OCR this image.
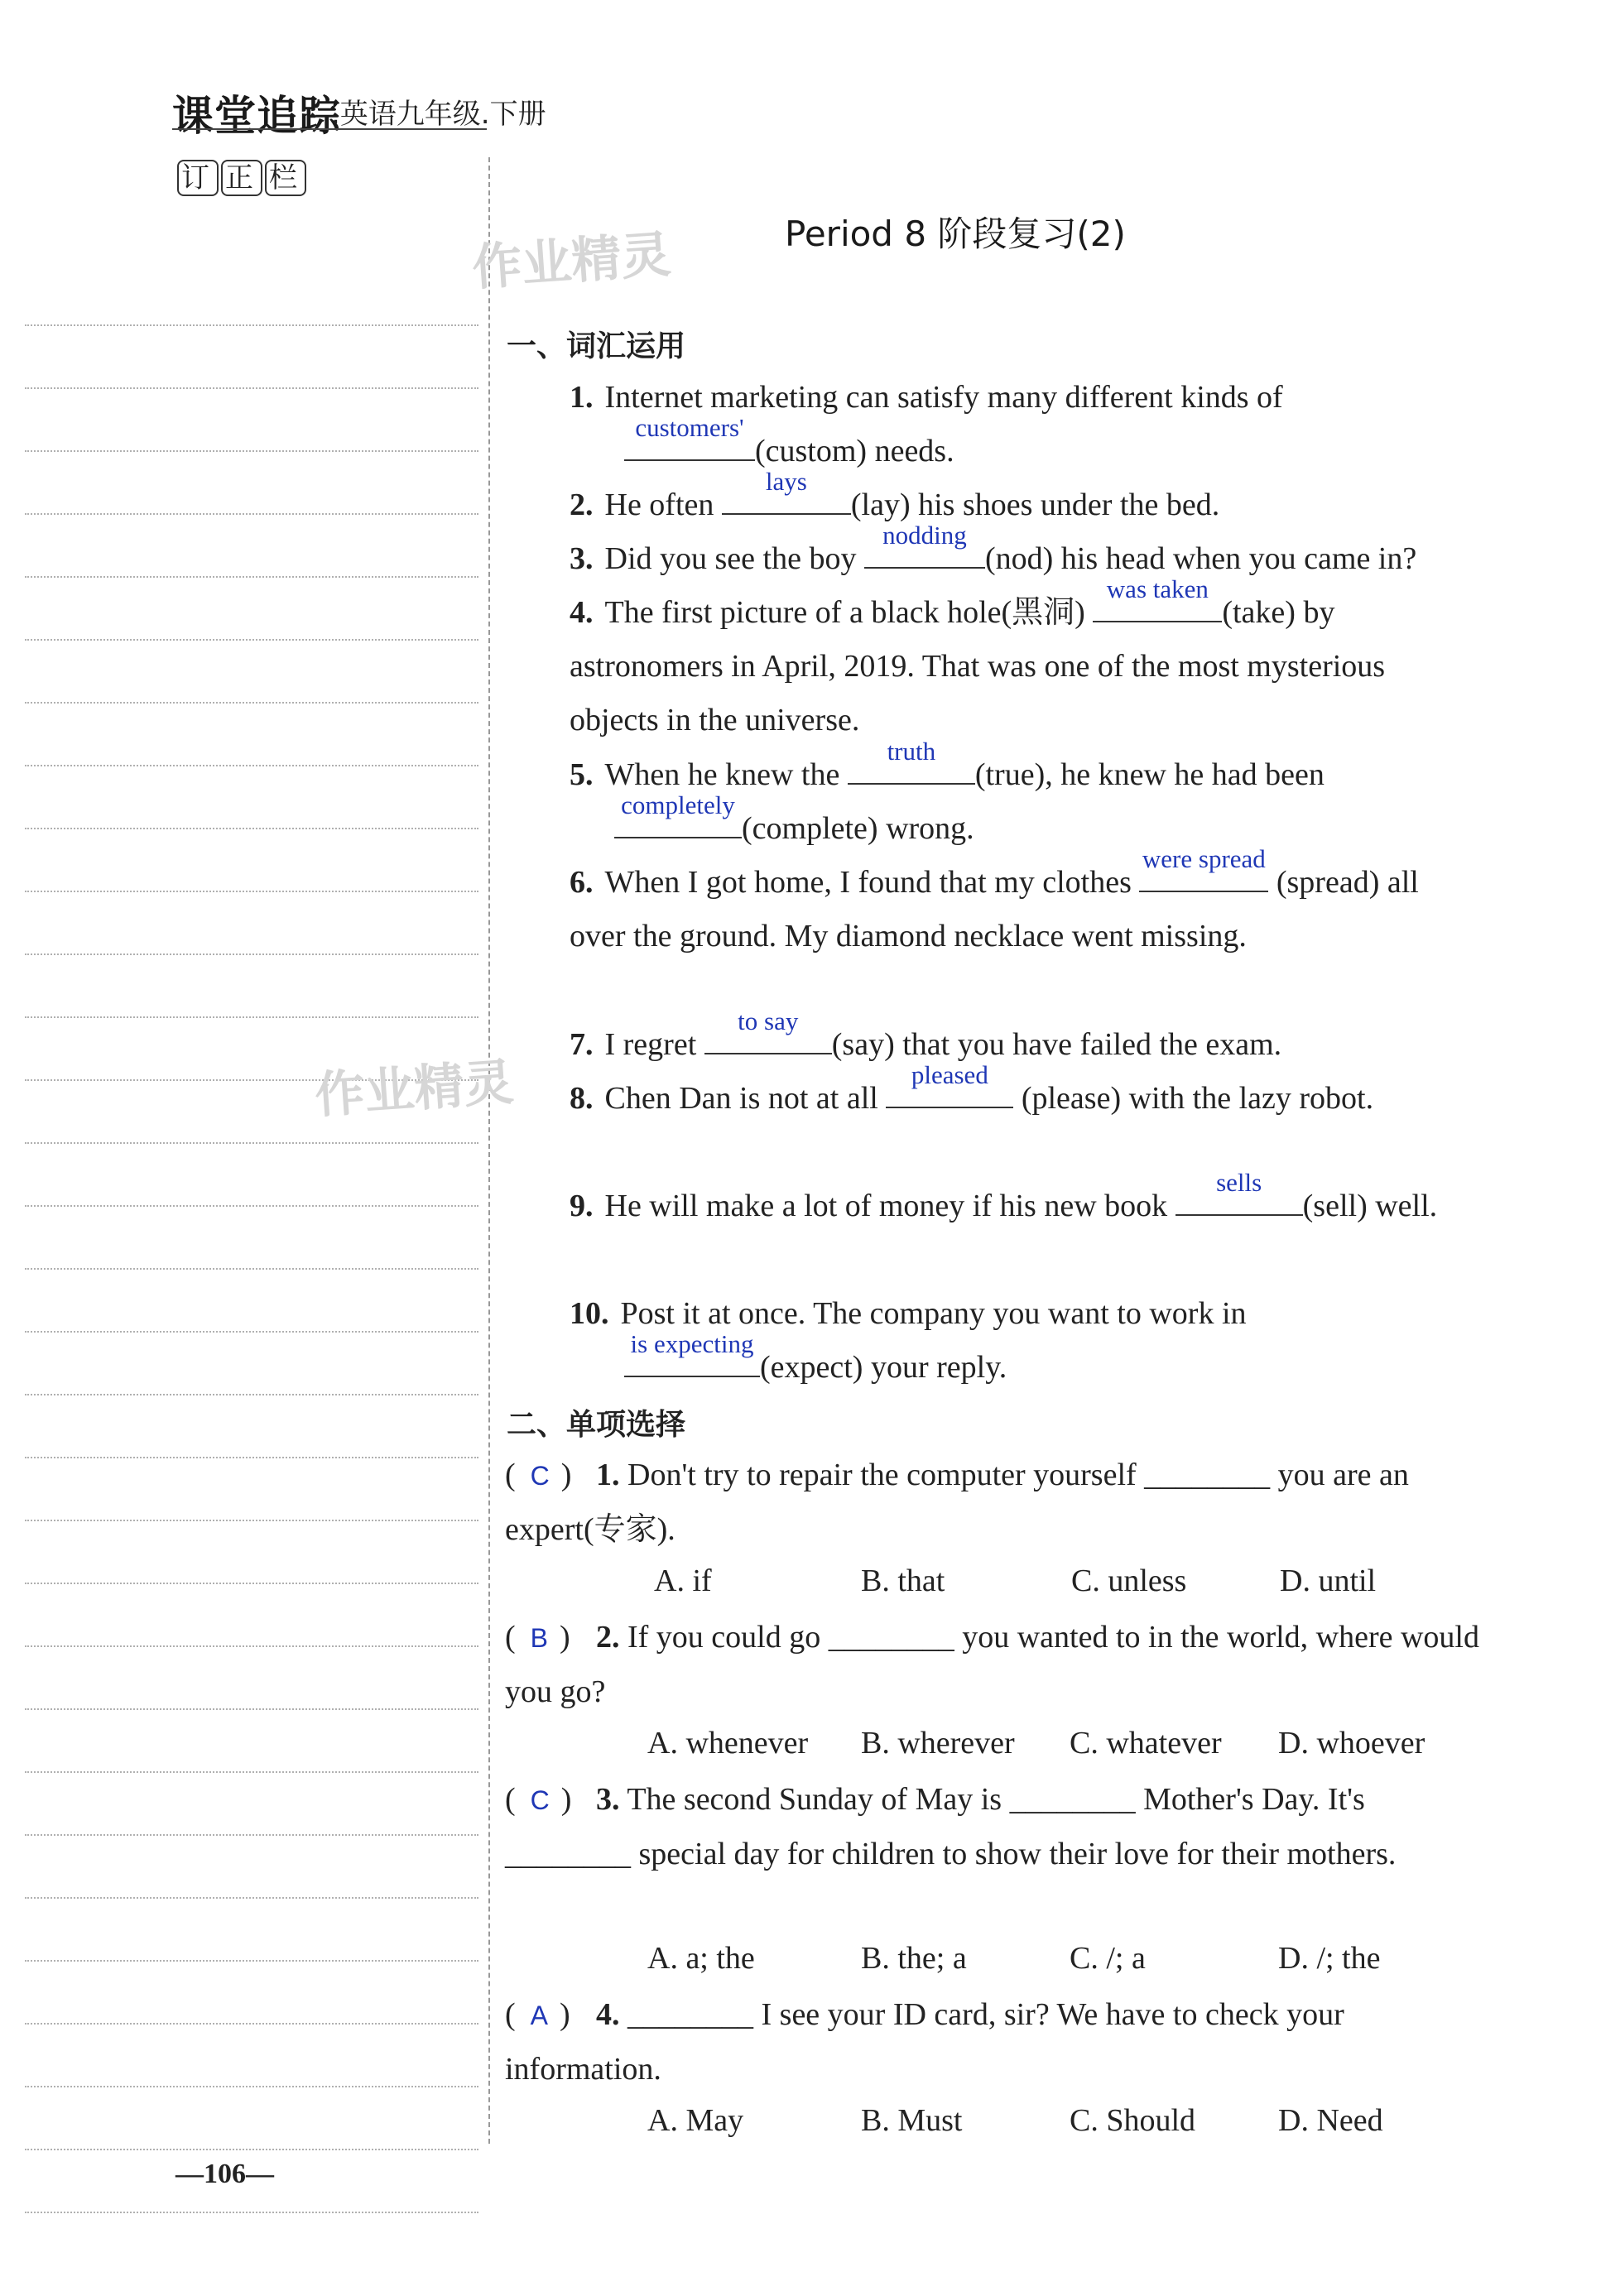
课堂追踪
.英语九年级.下册
订 正 栏
作业精灵
作业精灵
Period 8 阶段复习(2)
一、词汇运用
1. Internet marketing can satisfy many different kinds of

customers'
(custom) needs.
2. He often
lays
(lay) his shoes under the bed.
3. Did you see the boy
nodding
(nod) his head when you came in?
4. The first picture of a black hole(黑洞)
was taken
(take) by astronomers in April, 2019. That was one of the most mysterious objects in the universe.
5. When he knew the
truth
(true), he knew he had been

completely
(complete) wrong.
6. When I got home, I found that my clothes
were spread
(spread) all over the ground. My diamond necklace went missing.
7. I regret
to say
(say) that you have failed the exam.
8. Chen Dan is not at all
pleased
(please) with the lazy robot.
9. He will make a lot of money if his new book
sells
(sell) well.
10. Post it at once. The company you want to work in

is expecting
(expect) your reply.
二、单项选择
( C ) 1. Don't try to repair the computer yourself ________ you are an expert(专家).
A. if	B. that	C. unless	D. until
( B ) 2. If you could go ________ you wanted to in the world, where would you go?
A. whenever B. wherever C. whatever D. whoever
( C ) 3. The second Sunday of May is ________ Mother's Day. It's ________ special day for children to show their love for their mothers.
A. a; the	B. the; a	C. /; a	D. /; the
( A ) 4. ________ I see your ID card, sir? We have to check your information.
A. May	B. Must	C. Should	D. Need
—106—
